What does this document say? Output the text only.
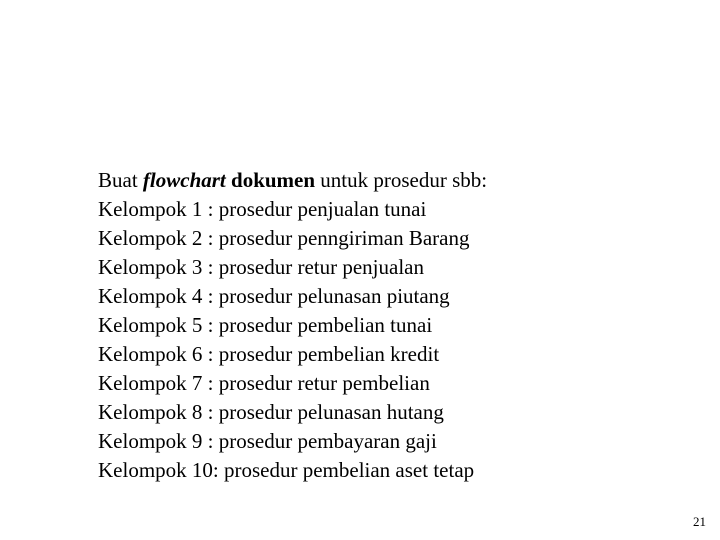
Buat flowchart dokumen untuk prosedur sbb:
Kelompok 1 : prosedur penjualan tunai
Kelompok 2 : prosedur penngiriman Barang
Kelompok 3 : prosedur retur penjualan
Kelompok 4 : prosedur pelunasan piutang
Kelompok 5 : prosedur pembelian tunai
Kelompok 6 : prosedur pembelian kredit
Kelompok 7 : prosedur retur pembelian
Kelompok 8 : prosedur pelunasan hutang
Kelompok 9 : prosedur pembayaran gaji
Kelompok 10: prosedur pembelian aset tetap
21
